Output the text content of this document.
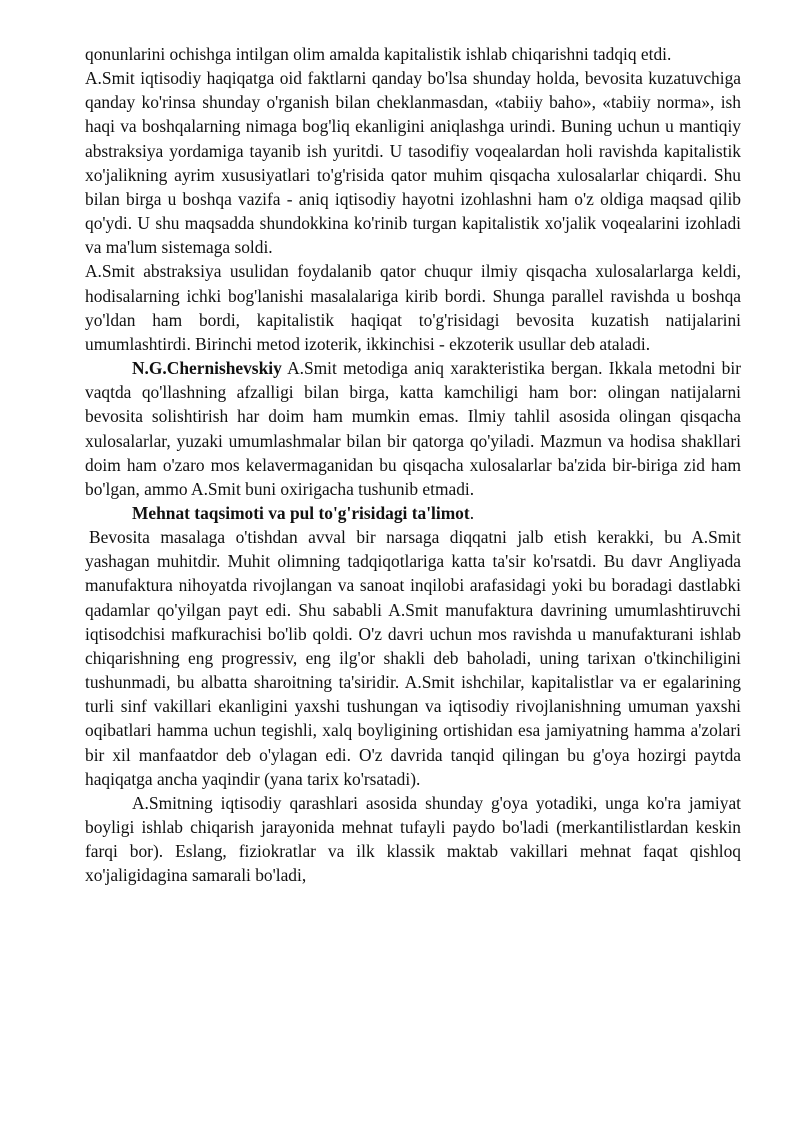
qonunlarini ochishga intilgan olim amalda kapitalistik ishlab chiqarishni tadqiq etdi.

A.Smit iqtisodiy haqiqatga oid faktlarni qanday bo'lsa shunday holda, bevosita kuzatuvchiga qanday ko'rinsa shunday o'rganish bilan cheklanmasdan, «tabiiy baho», «tabiiy norma», ish haqi va boshqalarning nimaga bog'liq ekanligini aniqlashga urindi. Buning uchun u mantiqiy abstraksiya yordamiga tayanib ish yuritdi. U tasodifiy voqealardan holi ravishda kapitalistik xo'jalikning ayrim xususiyatlari to'g'risida qator muhim qisqacha xulosalarlar chiqardi. Shu bilan birga u boshqa vazifa - aniq iqtisodiy hayotni izohlashni ham o'z oldiga maqsad qilib qo'ydi. U shu maqsadda shundokkina ko'rinib turgan kapitalistik xo'jalik voqealarini izohladi va ma'lum sistemaga soldi.

A.Smit abstraksiya usulidan foydalanib qator chuqur ilmiy qisqacha xulosalarlarga keldi, hodisalarning ichki bog'lanishi masalalariga kirib bordi. Shunga parallel ravishda u boshqa yo'ldan ham bordi, kapitalistik haqiqat to'g'risidagi bevosita kuzatish natijalarini umumlashtirdi. Birinchi metod izoterik, ikkinchisi - ekzoterik usullar deb ataladi.

N.G.Chernishevskiy A.Smit metodiga aniq xarakteristika bergan. Ikkala metodni bir vaqtda qo'llashning afzalligi bilan birga, katta kamchiligi ham bor: olingan natijalarni bevosita solishtirish har doim ham mumkin emas. Ilmiy tahlil asosida olingan qisqacha xulosalarlar, yuzaki umumlashmalar bilan bir qatorga qo'yiladi. Mazmun va hodisa shakllari doim ham o'zaro mos kelavermaganidan bu qisqacha xulosalarlar ba'zida bir-biriga zid ham bo'lgan, ammo A.Smit buni oxirigacha tushunib etmadi.

Mehnat taqsimoti va pul to'g'risidagi ta'limot.

Bevosita masalaga o'tishdan avval bir narsaga diqqatni jalb etish kerakki, bu A.Smit yashagan muhitdir. Muhit olimning tadqiqotlariga katta ta'sir ko'rsatdi. Bu davr Angliyada manufaktura nihoyatda rivojlangan va sanoat inqilobi arafasidagi yoki bu boradagi dastlabki qadamlar qo'yilgan payt edi. Shu sababli A.Smit manufaktura davrining umumlashtiruvchi iqtisodchisi mafkurachisi bo'lib qoldi. O'z davri uchun mos ravishda u manufakturani ishlab chiqarishning eng progressiv, eng ilg'or shakli deb baholadi, uning tarixan o'tkinchiligini tushunmadi, bu albatta sharoitning ta'siridir. A.Smit ishchilar, kapitalistlar va er egalarining turli sinf vakillari ekanligini yaxshi tushungan va iqtisodiy rivojlanishning umuman yaxshi oqibatlari hamma uchun tegishli, xalq boyligining ortishidan esa jamiyatning hamma a'zolari bir xil manfaatdor deb o'ylagan edi. O'z davrida tanqid qilingan bu g'oya hozirgi paytda haqiqatga ancha yaqindir (yana tarix ko'rsatadi).

A.Smitning iqtisodiy qarashlari asosida shunday g'oya yotadiki, unga ko'ra jamiyat boyligi ishlab chiqarish jarayonida mehnat tufayli paydo bo'ladi (merkantilistlardan keskin farqi bor). Eslang, fiziokratlar va ilk klassik maktab vakillari mehnat faqat qishloq xo'jaligidagina samarali bo'ladi,
